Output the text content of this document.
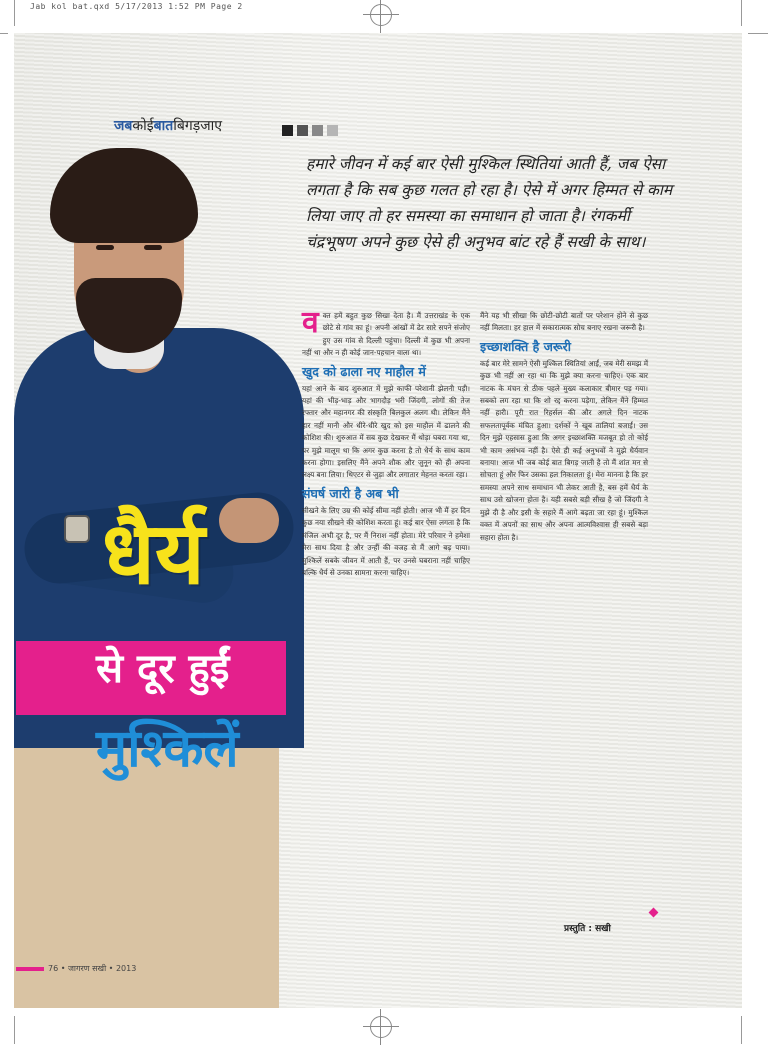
Jab kol bat.qxd 5/17/2013 1:52 PM Page 2
जबकोईबातबिगड़जाए
हमारे जीवन में कई बार ऐसी मुश्किल स्थितियां आती हैं, जब ऐसा लगता है कि सब कुछ गलत हो रहा है। ऐसे में अगर हिम्मत से काम लिया जाए तो हर समस्या का समाधान हो जाता है। रंगकर्मी चंद्रभूषण अपने कुछ ऐसे ही अनुभव बांट रहे हैं सखी के साथ।
धैर्य
से दूर हुईं
मुश्किलें

वक्त हमें बहुत कुछ सिखा देता है। मैं उत्तराखंड के एक छोटे से गांव का हूं। अपनी आंखों में ढेर सारे सपने संजोए हुए उस गांव से दिल्ली पहुंचा। दिल्ली में कुछ भी अपना नहीं था और न ही कोई जान-पहचान वाला था।

खुद को ढाला नए माहौल में

यहां आने के बाद शुरुआत में मुझे काफी परेशानी झेलनी पड़ी। यहां की भीड़-भाड़ और भागदौड़ भरी जिंदगी, लोगों की तेज रफ्तार और महानगर की संस्कृति बिलकुल अलग थी। लेकिन मैंने हार नहीं मानी और धीरे-धीरे खुद को इस माहौल में ढालने की कोशिश की। शुरुआत में सब कुछ देखकर मैं थोड़ा घबरा गया था, पर मुझे मालूम था कि अगर कुछ करना है तो धैर्य के साथ काम करना होगा। इसलिए मैंने अपने शौक और जुनून को ही अपना लक्ष्य बना लिया। थिएटर से जुड़ा और लगातार मेहनत करता रहा।

संघर्ष जारी है अब भी

सीखने के लिए उम्र की कोई सीमा नहीं होती। आज भी मैं हर दिन कुछ नया सीखने की कोशिश करता हूं। कई बार ऐसा लगता है कि मंजिल अभी दूर है, पर मैं निराश नहीं होता। मेरे परिवार ने हमेशा मेरा साथ दिया है और उन्हीं की वजह से मैं आगे बढ़ पाया। मुश्किलें सबके जीवन में आती हैं, पर उनसे घबराना नहीं चाहिए बल्कि धैर्य से उनका सामना करना चाहिए।

मैंने यह भी सीखा कि छोटी-छोटी बातों पर परेशान होने से कुछ नहीं मिलता। हर हाल में सकारात्मक सोच बनाए रखना जरूरी है।

इच्छाशक्ति है जरूरी

कई बार मेरे सामने ऐसी मुश्किल स्थितियां आईं, जब मेरी समझ में कुछ भी नहीं आ रहा था कि मुझे क्या करना चाहिए। एक बार नाटक के मंचन से ठीक पहले मुख्य कलाकार बीमार पड़ गया। सबको लग रहा था कि शो रद्द करना पड़ेगा, लेकिन मैंने हिम्मत नहीं हारी। पूरी रात रिहर्सल की और अगले दिन नाटक सफलतापूर्वक मंचित हुआ। दर्शकों ने खूब तालियां बजाईं। उस दिन मुझे एहसास हुआ कि अगर इच्छाशक्ति मजबूत हो तो कोई भी काम असंभव नहीं है। ऐसे ही कई अनुभवों ने मुझे धैर्यवान बनाया। आज भी जब कोई बात बिगड़ जाती है तो मैं शांत मन से सोचता हूं और फिर उसका हल निकालता हूं। मेरा मानना है कि हर समस्या अपने साथ समाधान भी लेकर आती है, बस हमें धैर्य के साथ उसे खोजना होता है। यही सबसे बड़ी सीख है जो जिंदगी ने मुझे दी है और इसी के सहारे मैं आगे बढ़ता जा रहा हूं। मुश्किल वक्त में अपनों का साथ और अपना आत्मविश्वास ही सबसे बड़ा सहारा होता है।

प्रस्तुति : सखी
76 • जागरण सखी • 2013
